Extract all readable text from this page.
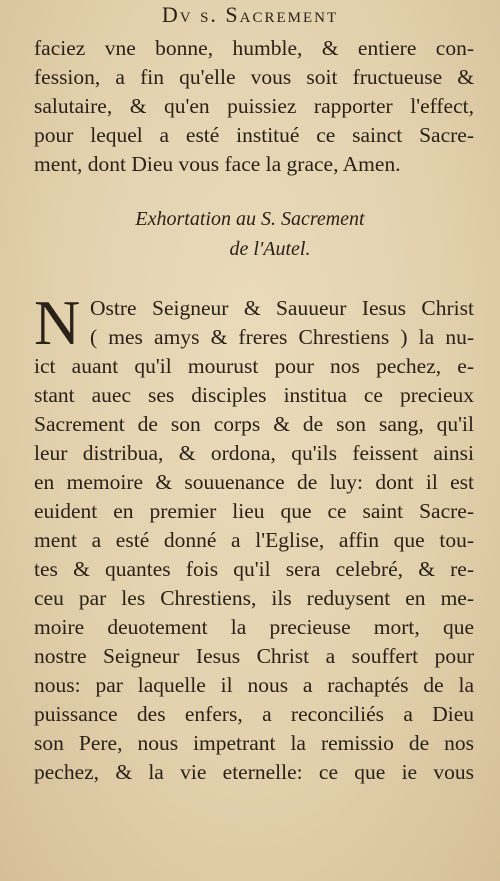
Dv s. Sacrement
faciez vne bonne, humble, & entiere con-
fession, a fin qu'elle vous soit fructueuse &
salutaire, & qu'en puissiez rapporter l'effect,
pour lequel a esté institué ce sainct Sacre-
ment, dont Dieu vous face la grace, Amen.
Exhortation au S. Sacrement
de l'Autel.
N Ostre Seigneur & Sauueur Iesus Christ
( mes amys & freres Chrestiens ) la nu-
ict auant qu'il mourust pour nos pechez, e-
stant auec ses disciples institua ce precieux
Sacrement de son corps & de son sang, qu'il
leur distribua, & ordona, qu'ils feissent ainsi
en memoire & souuenance de luy: dont il est
euident en premier lieu que ce saint Sacre-
ment a esté donné a l'Eglise, affin que tou-
tes & quantes fois qu'il sera celebré, & re-
ceu par les Chrestiens, ils reduysent en me-
moire deuotement la precieuse mort, que
nostre Seigneur Iesus Christ a souffert pour
nous: par laquelle il nous a rachaptés de la
puissance des enfers, a reconciliés a Dieu
son Pere, nous impetrant la remissio de nos
pechez, & la vie eternelle: ce que ie vous
